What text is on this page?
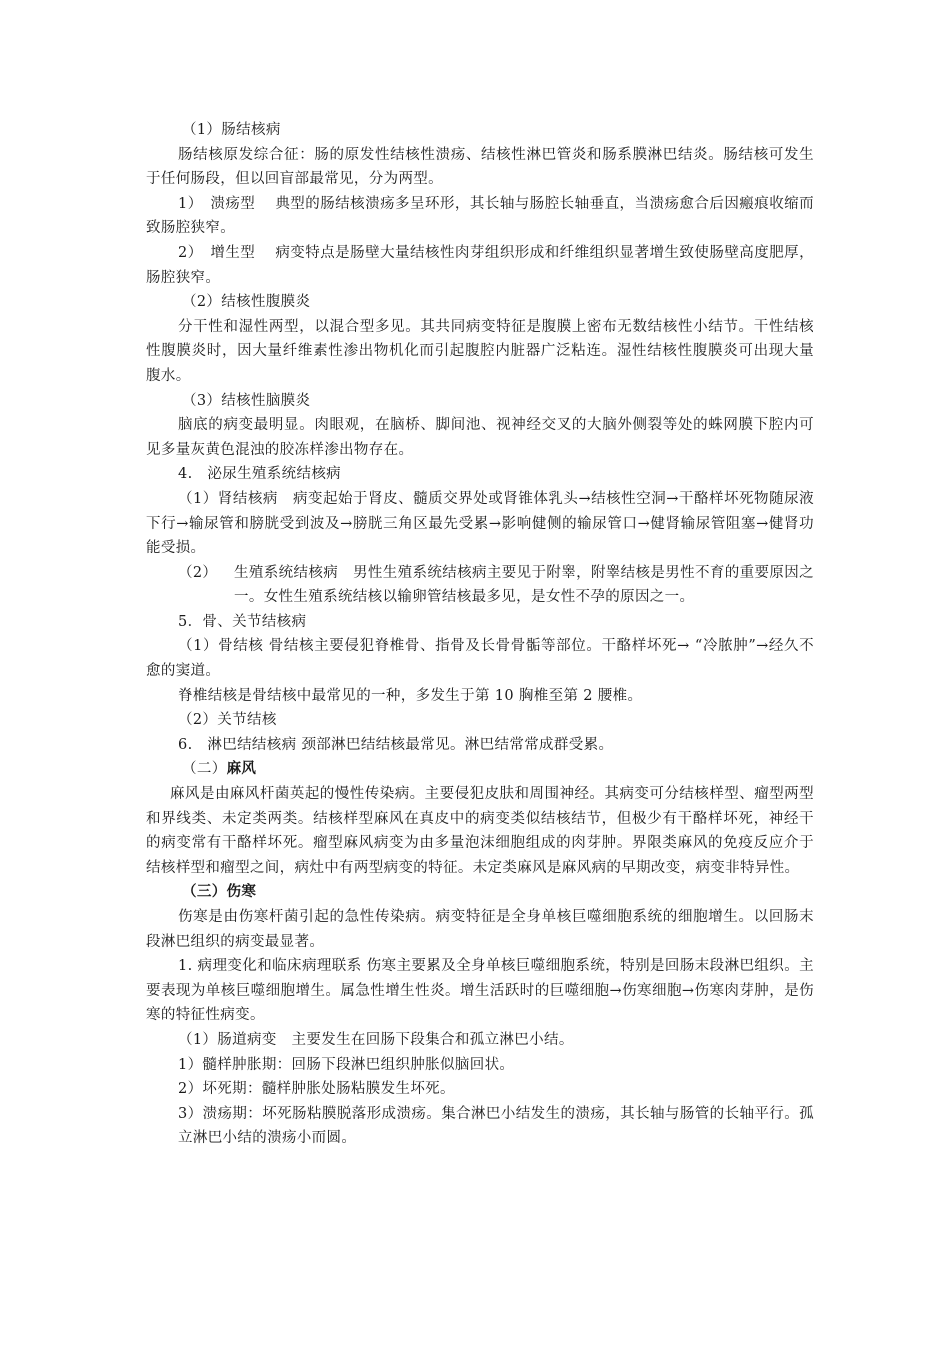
（1）肠结核病

肠结核原发综合征：肠的原发性结核性溃疡、结核性淋巴管炎和肠系膜淋巴结炎。肠结核可发生于任何肠段，但以回盲部最常见，分为两型。

1）　溃疡型　 典型的肠结核溃疡多呈环形，其长轴与肠腔长轴垂直，当溃疡愈合后因瘢痕收缩而致肠腔狭窄。

2）　增生型　 病变特点是肠壁大量结核性肉芽组织形成和纤维组织显著增生致使肠壁高度肥厚，肠腔狭窄。

（2）结核性腹膜炎

分干性和湿性两型，以混合型多见。其共同病变特征是腹膜上密布无数结核性小结节。干性结核性腹膜炎时，因大量纤维素性渗出物机化而引起腹腔内脏器广泛粘连。湿性结核性腹膜炎可出现大量腹水。

（3）结核性脑膜炎

脑底的病变最明显。肉眼观，在脑桥、脚间池、视神经交叉的大脑外侧裂等处的蛛网膜下腔内可见多量灰黄色混浊的胶冻样渗出物存在。

4.　泌尿生殖系统结核病

（1）肾结核病　病变起始于肾皮、髓质交界处或肾锥体乳头→结核性空洞→干酪样坏死物随尿液下行→输尿管和膀胱受到波及→膀胱三角区最先受累→影响健侧的输尿管口→健肾输尿管阻塞→健肾功能受损。

（2） 生殖系统结核病　男性生殖系统结核病主要见于附睾，附睾结核是男性不育的重要原因之一。女性生殖系统结核以输卵管结核最多见，是女性不孕的原因之一。

5．骨、关节结核病

（1）骨结核 骨结核主要侵犯脊椎骨、指骨及长骨骨骺等部位。干酪样坏死→ “冷脓肿”→经久不愈的窦道。

脊椎结核是骨结核中最常见的一种，多发生于第 10 胸椎至第 2 腰椎。

（2）关节结核

6.　淋巴结结核病 颈部淋巴结结核最常见。淋巴结常常成群受累。

（二）麻风

麻风是由麻风杆菌英起的慢性传染病。主要侵犯皮肤和周围神经。其病变可分结核样型、瘤型两型和界线类、未定类两类。结核样型麻风在真皮中的病变类似结核结节，但极少有干酪样坏死，神经干的病变常有干酪样坏死。瘤型麻风病变为由多量泡沫细胞组成的肉芽肿。界限类麻风的免疫反应介于结核样型和瘤型之间，病灶中有两型病变的特征。未定类麻风是麻风病的早期改变，病变非特异性。

（三）伤寒

伤寒是由伤寒杆菌引起的急性传染病。病变特征是全身单核巨噬细胞系统的细胞增生。以回肠末段淋巴组织的病变最显著。

1. 病理变化和临床病理联系 伤寒主要累及全身单核巨噬细胞系统，特别是回肠末段淋巴组织。主要表现为单核巨噬细胞增生。属急性增生性炎。增生活跃时的巨噬细胞→伤寒细胞→伤寒肉芽肿，是伤寒的特征性病变。

（1）肠道病变　主要发生在回肠下段集合和孤立淋巴小结。

1）髓样肿胀期：回肠下段淋巴组织肿胀似脑回状。

2）坏死期：髓样肿胀处肠粘膜发生坏死。

3）溃疡期：坏死肠粘膜脱落形成溃疡。集合淋巴小结发生的溃疡，其长轴与肠管的长轴平行。孤立淋巴小结的溃疡小而圆。
